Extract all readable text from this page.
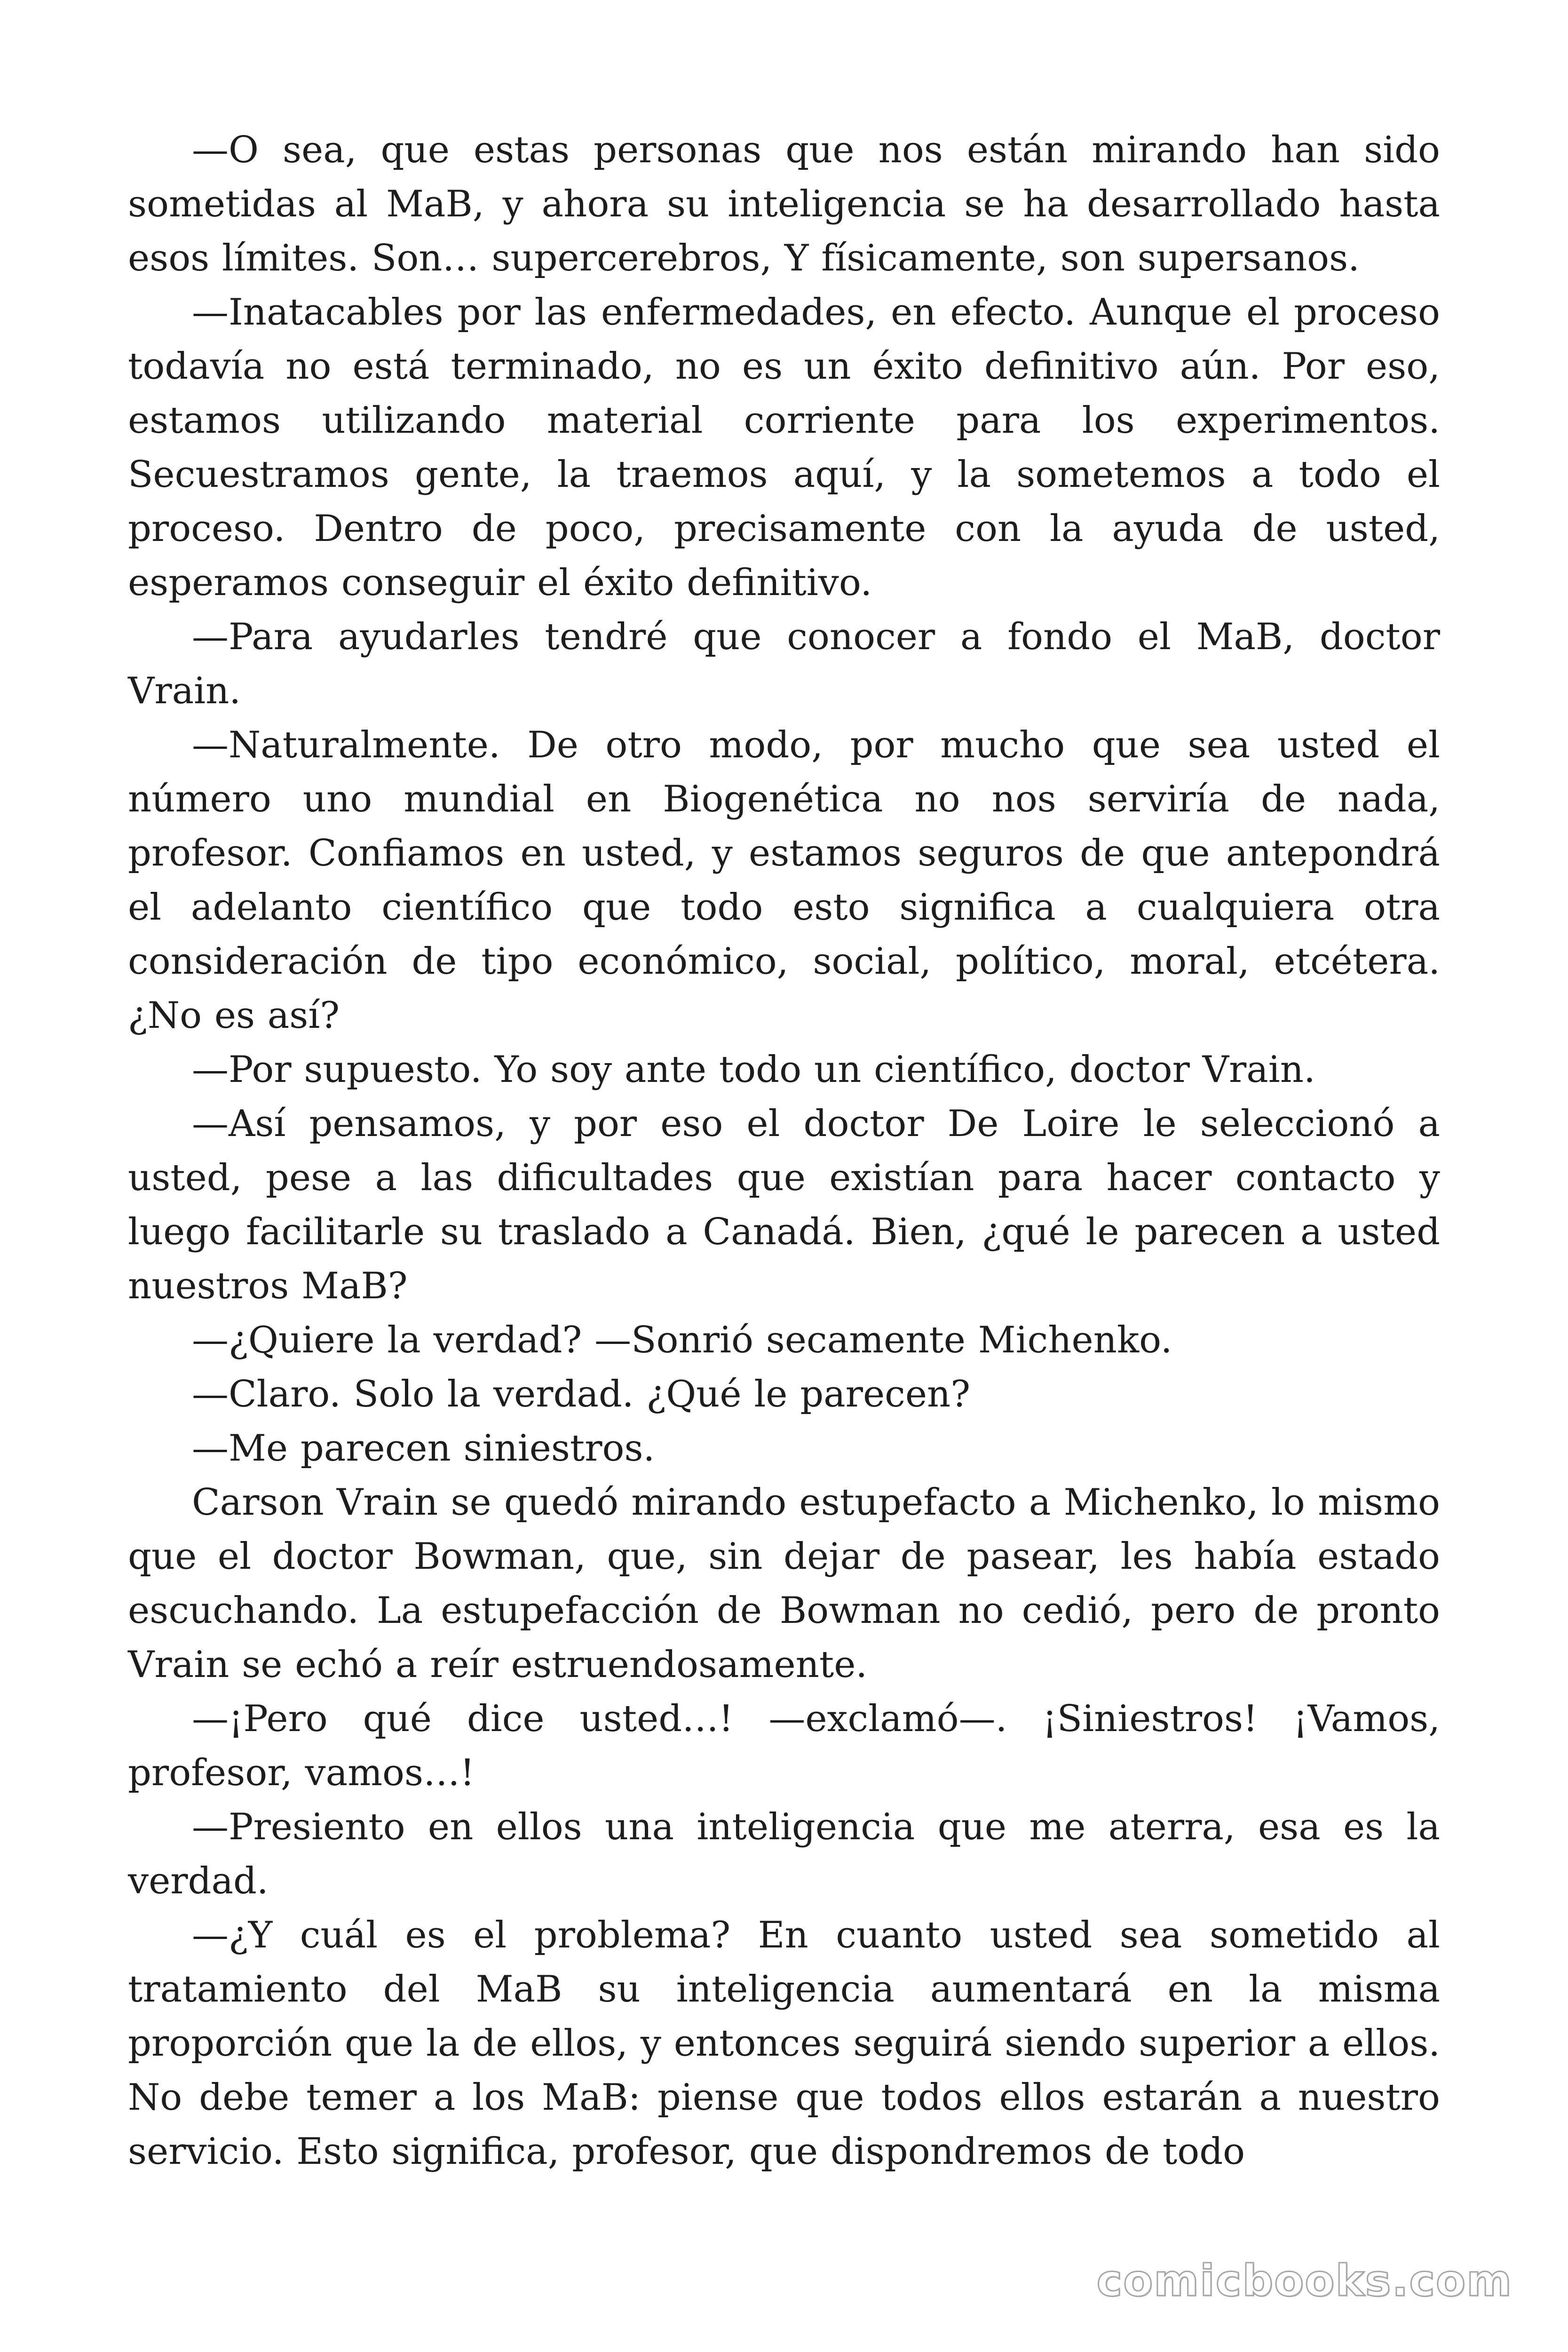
—O sea, que estas personas que nos están mirando han sido sometidas al MaB, y ahora su inteligencia se ha desarrollado hasta esos límites. Son… supercerebros, Y físicamente, son supersanos.

—Inatacables por las enfermedades, en efecto. Aunque el proceso todavía no está terminado, no es un éxito definitivo aún. Por eso, estamos utilizando material corriente para los experimentos. Secuestramos gente, la traemos aquí, y la sometemos a todo el proceso. Dentro de poco, precisamente con la ayuda de usted, esperamos conseguir el éxito definitivo.

—Para ayudarles tendré que conocer a fondo el MaB, doctor Vrain.

—Naturalmente. De otro modo, por mucho que sea usted el número uno mundial en Biogenética no nos serviría de nada, profesor. Confiamos en usted, y estamos seguros de que antepondrá el adelanto científico que todo esto significa a cualquiera otra consideración de tipo económico, social, político, moral, etcétera. ¿No es así?

—Por supuesto. Yo soy ante todo un científico, doctor Vrain.

—Así pensamos, y por eso el doctor De Loire le seleccionó a usted, pese a las dificultades que existían para hacer contacto y luego facilitarle su traslado a Canadá. Bien, ¿qué le parecen a usted nuestros MaB?

—¿Quiere la verdad? —Sonrió secamente Michenko.

—Claro. Solo la verdad. ¿Qué le parecen?

—Me parecen siniestros.

Carson Vrain se quedó mirando estupefacto a Michenko, lo mismo que el doctor Bowman, que, sin dejar de pasear, les había estado escuchando. La estupefacción de Bowman no cedió, pero de pronto Vrain se echó a reír estruendosamente.

—¡Pero qué dice usted…! —exclamó—. ¡Siniestros! ¡Vamos, profesor, vamos…!

—Presiento en ellos una inteligencia que me aterra, esa es la verdad.

—¿Y cuál es el problema? En cuanto usted sea sometido al tratamiento del MaB su inteligencia aumentará en la misma proporción que la de ellos, y entonces seguirá siendo superior a ellos. No debe temer a los MaB: piense que todos ellos estarán a nuestro servicio. Esto significa, profesor, que dispondremos de todo

comicbooks.com
